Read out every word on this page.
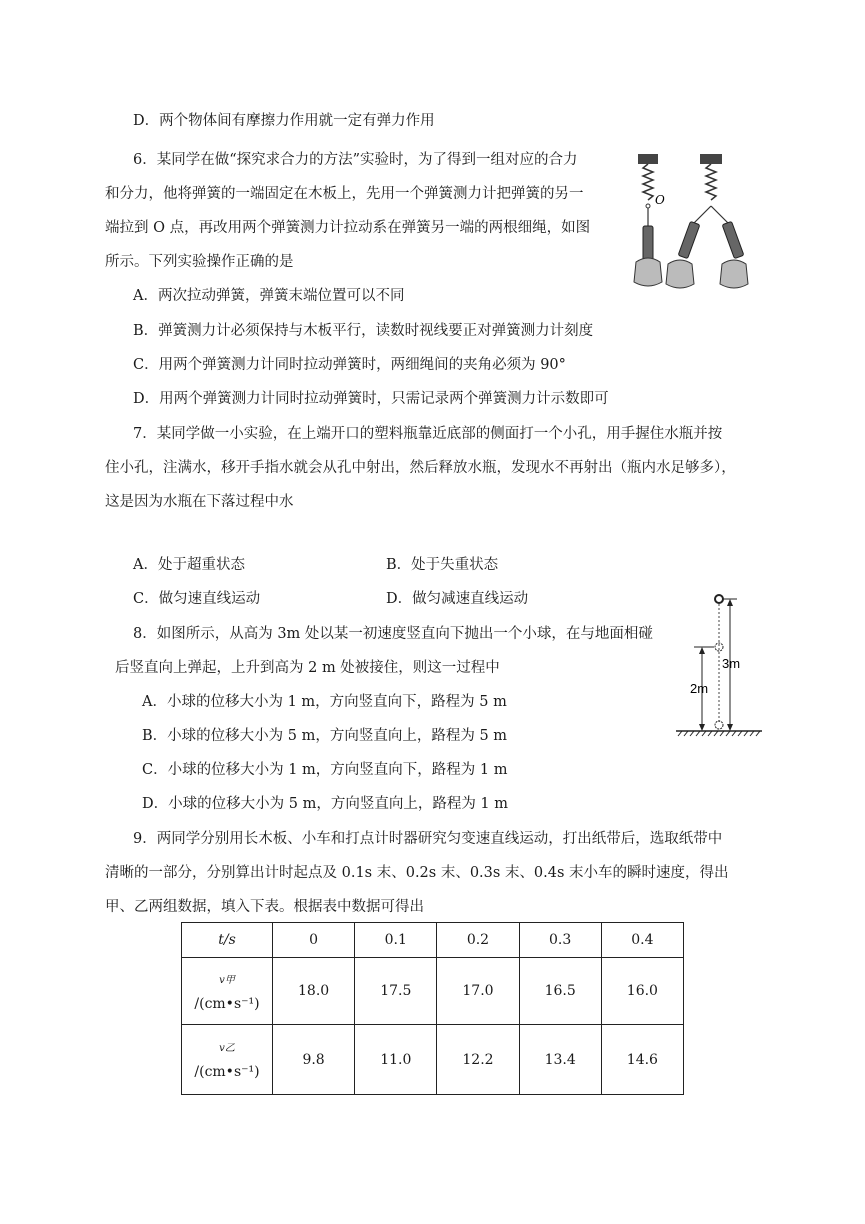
D．两个物体间有摩擦力作用就一定有弹力作用
6．某同学在做“探究求合力的方法”实验时，为了得到一组对应的合力
和分力，他将弹簧的一端固定在木板上，先用一个弹簧测力计把弹簧的另一
端拉到 O 点，再改用两个弹簧测力计拉动系在弹簧另一端的两根细绳，如图
所示。下列实验操作正确的是
A．两次拉动弹簧，弹簧末端位置可以不同
B．弹簧测力计必须保持与木板平行，读数时视线要正对弹簧测力计刻度
C．用两个弹簧测力计同时拉动弹簧时，两细绳间的夹角必须为 90°
D．用两个弹簧测力计同时拉动弹簧时，只需记录两个弹簧测力计示数即可
O
7．某同学做一小实验，在上端开口的塑料瓶靠近底部的侧面打一个小孔，用手握住水瓶并按
住小孔，注满水，移开手指水就会从孔中射出，然后释放水瓶，发现水不再射出（瓶内水足够多），
这是因为水瓶在下落过程中水
A．处于超重状态	B．处于失重状态
C．做匀速直线运动	D．做匀减速直线运动
8．如图所示，从高为 3m 处以某一初速度竖直向下抛出一个小球，在与地面相碰
后竖直向上弹起，上升到高为 2 m 处被接住，则这一过程中
A．小球的位移大小为 1 m，方向竖直向下，路程为 5 m
B．小球的位移大小为 5 m，方向竖直向上，路程为 5 m
C．小球的位移大小为 1 m，方向竖直向下，路程为 1 m
D．小球的位移大小为 5 m，方向竖直向上，路程为 1 m
3m
2m
9．两同学分别用长木板、小车和打点计时器研究匀变速直线运动，打出纸带后，选取纸带中
清晰的一部分，分别算出计时起点及 0.1s 末、0.2s 末、0.3s 末、0.4s 末小车的瞬时速度，得出
甲、乙两组数据，填入下表。根据表中数据可得出
t/s	0	0.1	0.2	0.3	0.4

v甲
/(cm•s⁻¹)	18.0	17.5	17.0	16.5	16.0

v乙
/(cm•s⁻¹)	9.8	11.0	12.2	13.4	14.6
